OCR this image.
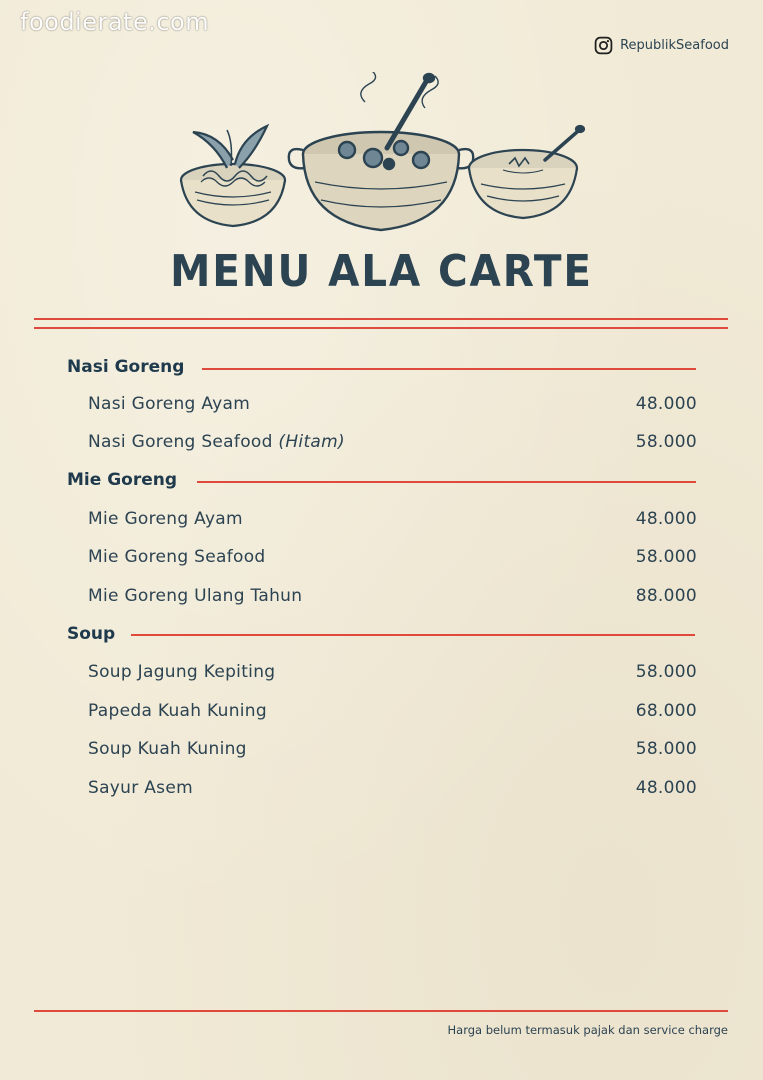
foodierate.com
RepublikSeafood
MENU ALA CARTE
Nasi Goreng
Nasi Goreng Ayam	48.000
Nasi Goreng Seafood (Hitam)	58.000
Mie Goreng
Mie Goreng Ayam	48.000
Mie Goreng Seafood	58.000
Mie Goreng Ulang Tahun	88.000
Soup
Soup Jagung Kepiting	58.000
Papeda Kuah Kuning	68.000
Soup Kuah Kuning	58.000
Sayur Asem	48.000
Harga belum termasuk pajak dan service charge
